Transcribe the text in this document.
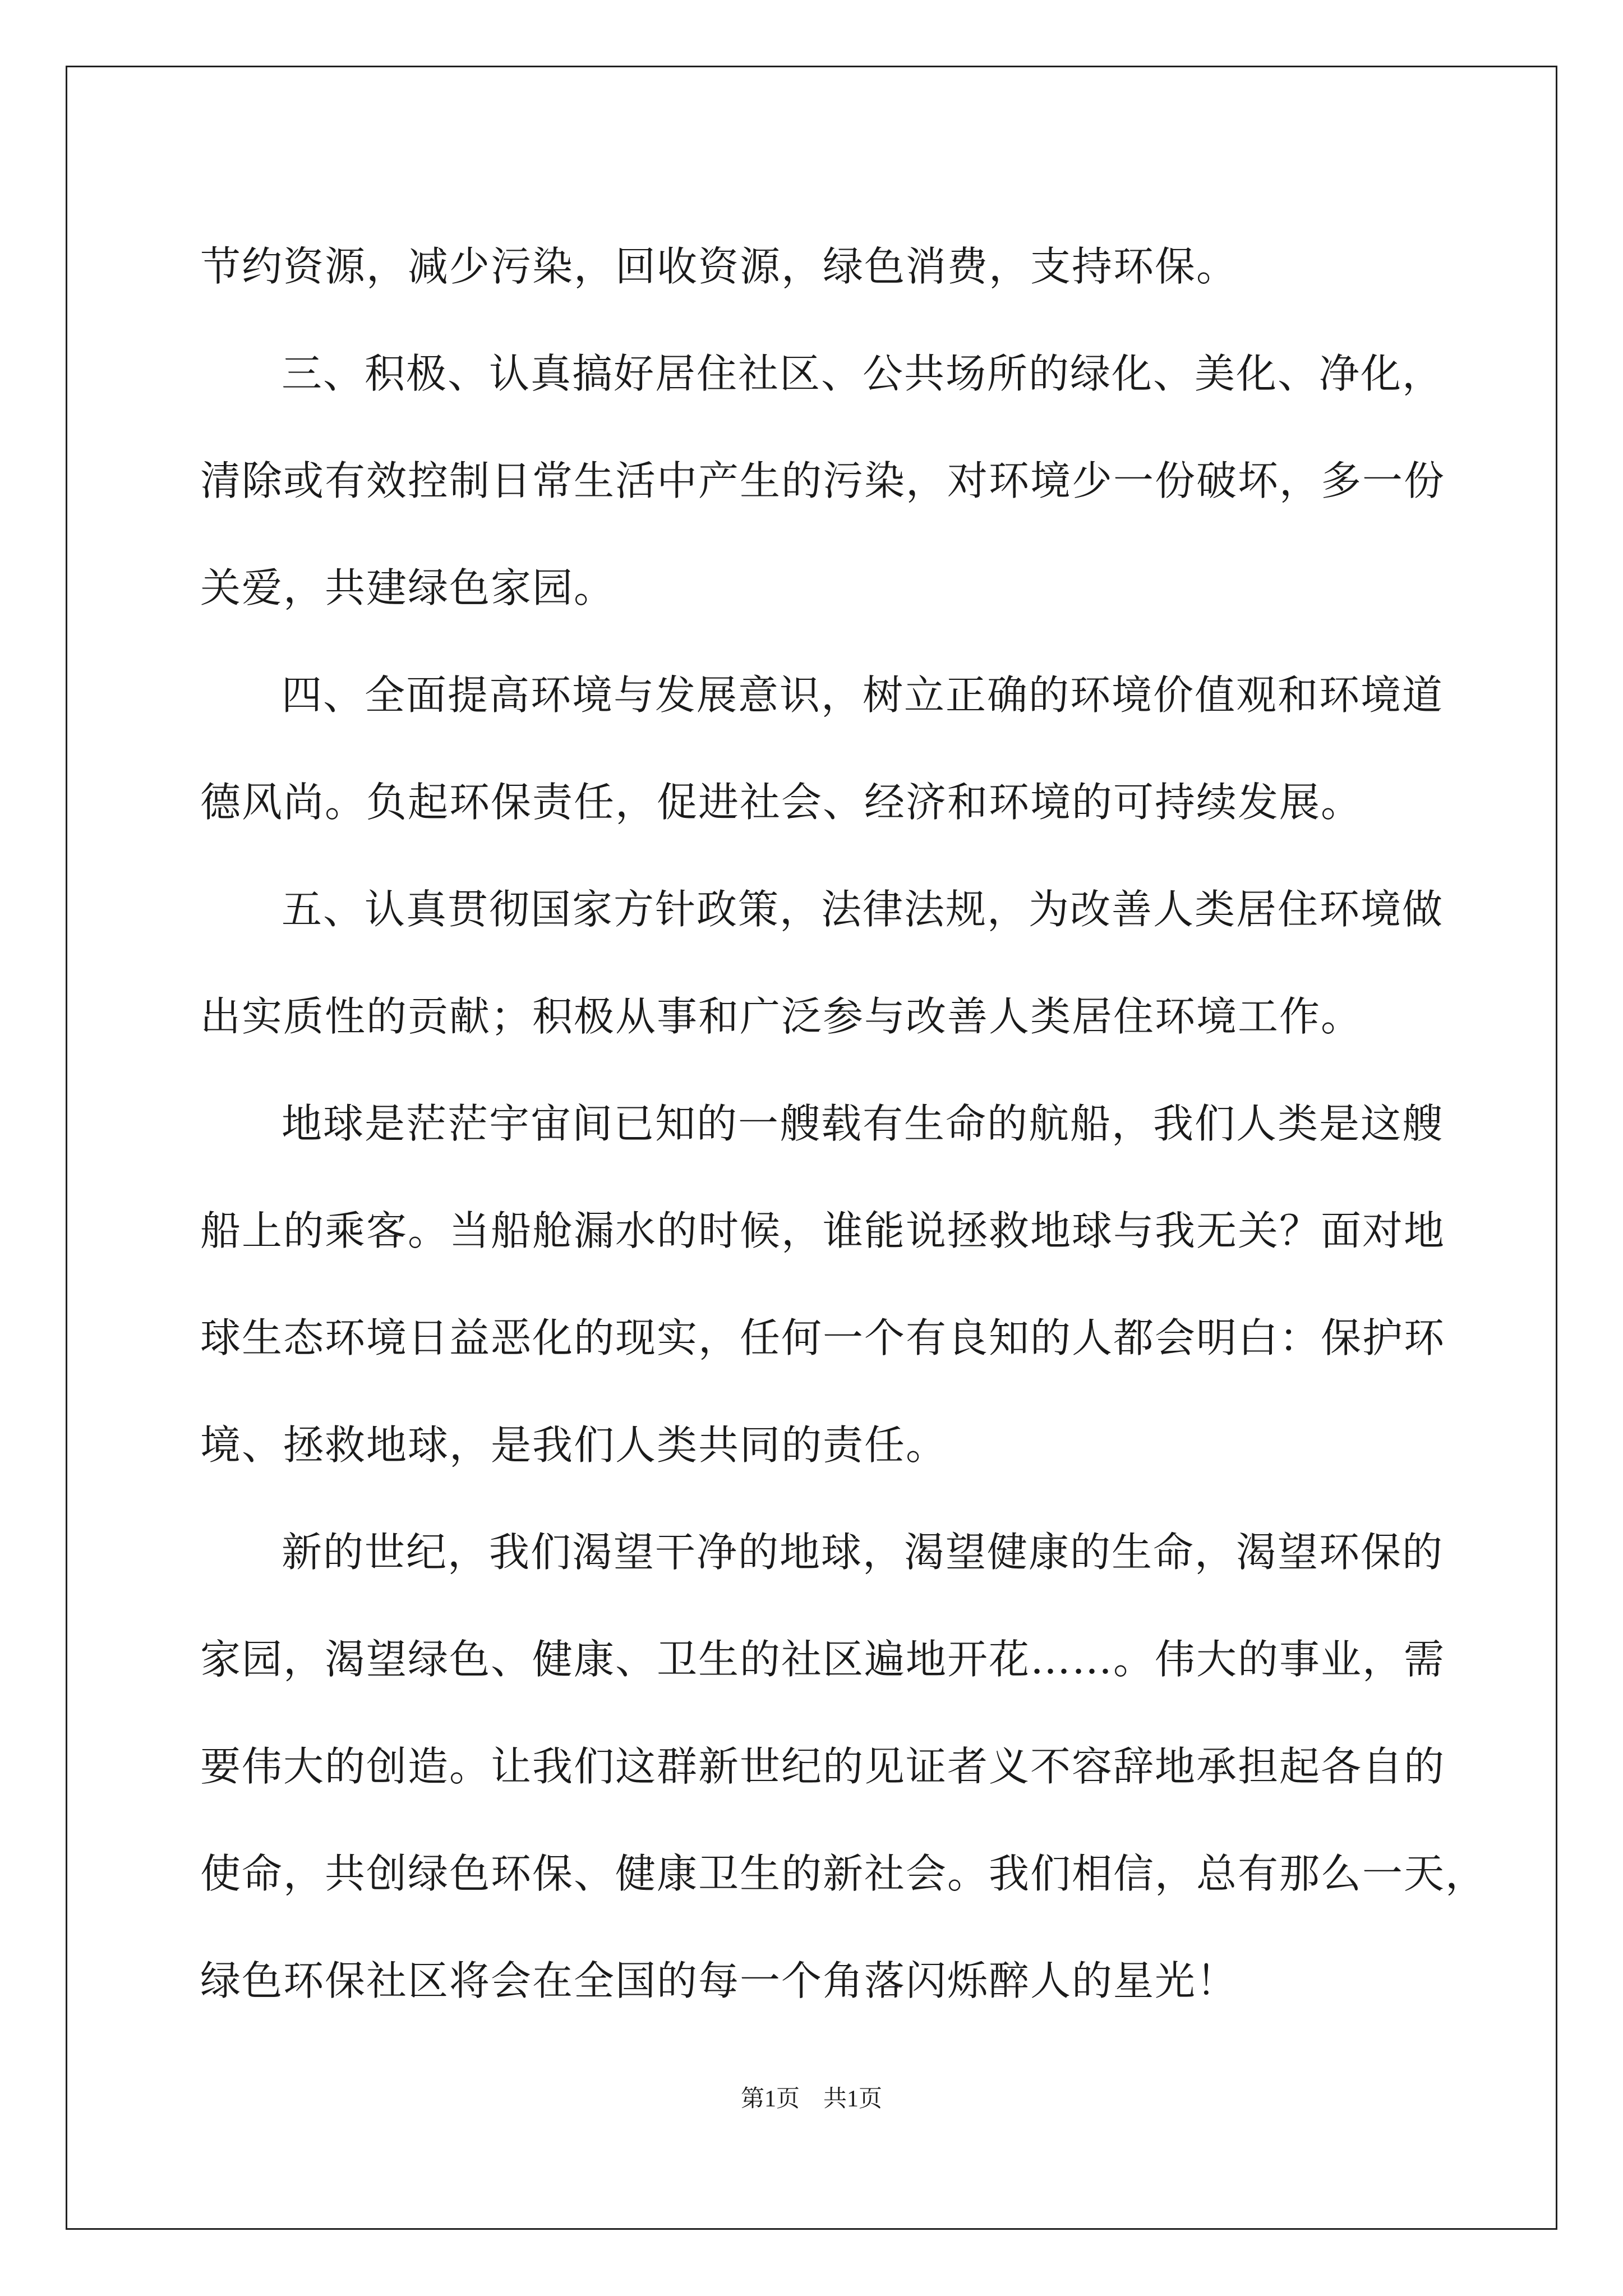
节约资源，减少污染，回收资源，绿色消费，支持环保。
三、积极、认真搞好居住社区、公共场所的绿化、美化、净化，
清除或有效控制日常生活中产生的污染，对环境少一份破坏，多一份
关爱，共建绿色家园。
四、全面提高环境与发展意识，树立正确的环境价值观和环境道
德风尚。负起环保责任，促进社会、经济和环境的可持续发展。
五、认真贯彻国家方针政策，法律法规，为改善人类居住环境做
出实质性的贡献；积极从事和广泛参与改善人类居住环境工作。
地球是茫茫宇宙间已知的一艘载有生命的航船，我们人类是这艘
船上的乘客。当船舱漏水的时候，谁能说拯救地球与我无关？面对地
球生态环境日益恶化的现实，任何一个有良知的人都会明白：保护环
境、拯救地球，是我们人类共同的责任。
新的世纪，我们渴望干净的地球，渴望健康的生命，渴望环保的
家园，渴望绿色、健康、卫生的社区遍地开花……。伟大的事业，需
要伟大的创造。让我们这群新世纪的见证者义不容辞地承担起各自的
使命，共创绿色环保、健康卫生的新社会。我们相信，总有那么一天，
绿色环保社区将会在全国的每一个角落闪烁醉人的星光！
第1页　共1页
